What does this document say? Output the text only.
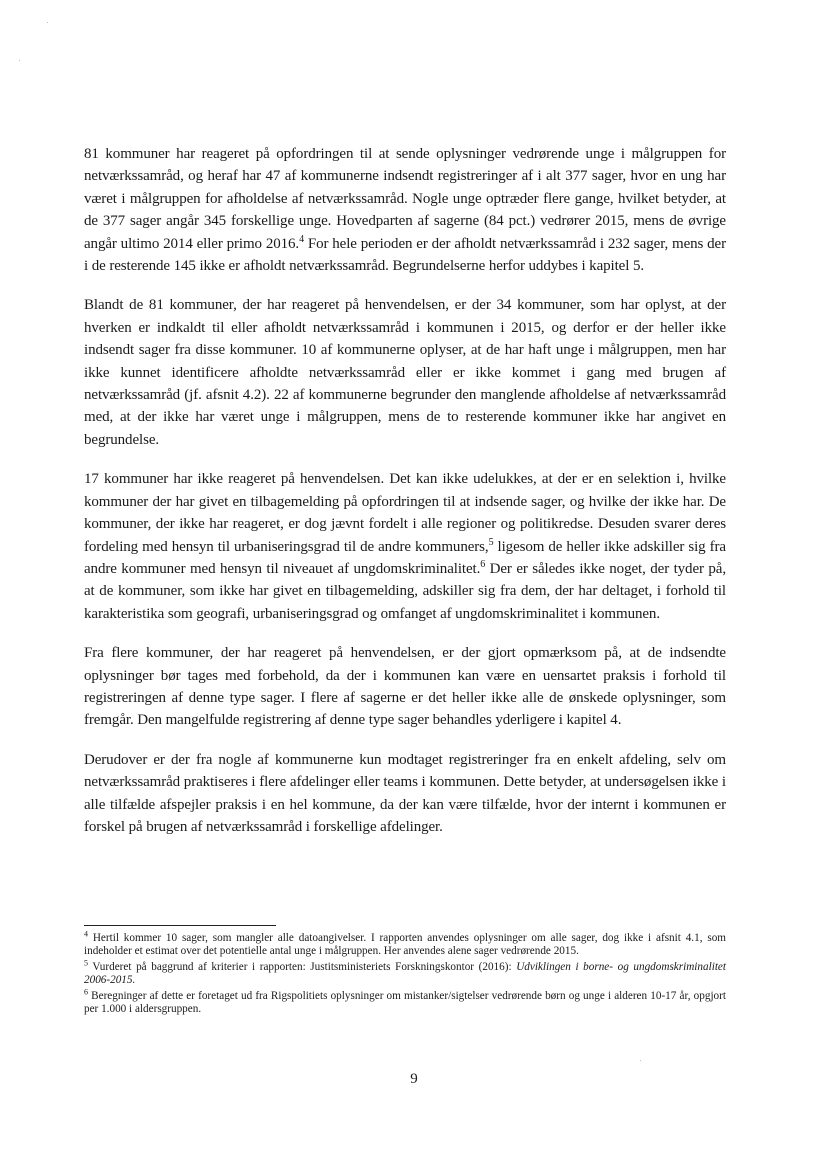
81 kommuner har reageret på opfordringen til at sende oplysninger vedrørende unge i målgruppen for netværkssamråd, og heraf har 47 af kommunerne indsendt registreringer af i alt 377 sager, hvor en ung har været i målgruppen for afholdelse af netværkssamråd. Nogle unge optræder flere gange, hvilket betyder, at de 377 sager angår 345 forskellige unge. Hovedparten af sagerne (84 pct.) vedrører 2015, mens de øvrige angår ultimo 2014 eller primo 2016.$^4$ For hele perioden er der afholdt netværkssamråd i 232 sager, mens der i de resterende 145 ikke er afholdt netværkssamråd. Begrundelserne herfor uddybes i kapitel 5.

Blandt de 81 kommuner, der har reageret på henvendelsen, er der 34 kommuner, som har oplyst, at der hverken er indkaldt til eller afholdt netværkssamråd i kommunen i 2015, og derfor er der heller ikke indsendt sager fra disse kommuner. 10 af kommunerne oplyser, at de har haft unge i målgruppen, men har ikke kunnet identificere afholdte netværkssamråd eller er ikke kommet i gang med brugen af netværkssamråd (jf. afsnit 4.2). 22 af kommunerne begrunder den manglende afholdelse af netværkssamråd med, at der ikke har været unge i målgruppen, mens de to resterende kommuner ikke har angivet en begrundelse.

17 kommuner har ikke reageret på henvendelsen. Det kan ikke udelukkes, at der er en selektion i, hvilke kommuner der har givet en tilbagemelding på opfordringen til at indsende sager, og hvilke der ikke har. De kommuner, der ikke har reageret, er dog jævnt fordelt i alle regioner og politikredse. Desuden svarer deres fordeling med hensyn til urbaniseringsgrad til de andre kommuners,$^5$ ligesom de heller ikke adskiller sig fra andre kommuner med hensyn til niveauet af ungdomskriminalitet.$^6$ Der er således ikke noget, der tyder på, at de kommuner, som ikke har givet en tilbagemelding, adskiller sig fra dem, der har deltaget, i forhold til karakteristika som geografi, urbaniseringsgrad og omfanget af ungdomskriminalitet i kommunen.

Fra flere kommuner, der har reageret på henvendelsen, er der gjort opmærksom på, at de indsendte oplysninger bør tages med forbehold, da der i kommunen kan være en uensartet praksis i forhold til registreringen af denne type sager. I flere af sagerne er det heller ikke alle de ønskede oplysninger, som fremgår. Den mangelfulde registrering af denne type sager behandles yderligere i kapitel 4.

Derudover er der fra nogle af kommunerne kun modtaget registreringer fra en enkelt afdeling, selv om netværkssamråd praktiseres i flere afdelinger eller teams i kommunen. Dette betyder, at undersøgelsen ikke i alle tilfælde afspejler praksis i en hel kommune, da der kan være tilfælde, hvor der internt i kommunen er forskel på brugen af netværkssamråd i forskellige afdelinger.

$^4$ Hertil kommer 10 sager, som mangler alle datoangivelser. I rapporten anvendes oplysninger om alle sager, dog ikke i afsnit 4.1, som indeholder et estimat over det potentielle antal unge i målgruppen. Her anvendes alene sager vedrørende 2015.

$^5$ Vurderet på baggrund af kriterier i rapporten: Justitsministeriets Forskningskontor (2016): Udviklingen i borne- og ungdomskriminalitet 2006-2015.

$^6$ Beregninger af dette er foretaget ud fra Rigspolitiets oplysninger om mistanker/sigtelser vedrørende børn og unge i alderen 10-17 år, opgjort per 1.000 i aldersgruppen.

9
